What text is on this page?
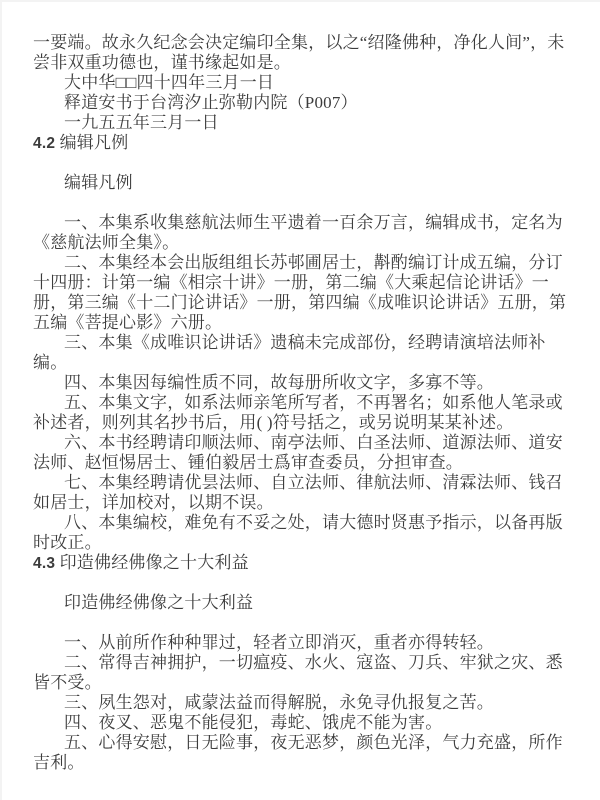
一要端。故永久纪念会决定编印全集，以之“绍隆佛种，净化人间”，未
尝非双重功德也，谨书缘起如是。
大中华□□四十四年三月一日
释道安书于台湾汐止弥勒内院（P007）
一九五五年三月一日
4.2 编辑凡例
编辑凡例
一、本集系收集慈航法师生平遗着一百余万言，编辑成书，定名为
《慈航法师全集》。
二、本集经本会出版组组长苏邨圃居士，斠酌编订计成五编，分订
十四册：计第一编《相宗十讲》一册，第二编《大乘起信论讲话》一
册，第三编《十二门论讲话》一册，第四编《成唯识论讲话》五册，第
五编《菩提心影》六册。
三、本集《成唯识论讲话》遗稿未完成部份，经聘请演培法师补
编。
四、本集因每编性质不同，故每册所收文字，多寡不等。
五、本集文字，如系法师亲笔所写者，不再署名；如系他人笔录或
补述者，则列其名抄书后，用( )符号括之，或另说明某某补述。
六、本书经聘请印顺法师、南亭法师、白圣法师、道源法师、道安
法师、赵恒惕居士、锺伯毅居士爲审查委员，分担审查。
七、本集经聘请优昙法师、自立法师、律航法师、清霖法师、钱召
如居士，详加校对，以期不误。
八、本集编校，难免有不妥之处，请大德时贤惠予指示，以备再版
时改正。
4.3 印造佛经佛像之十大利益
印造佛经佛像之十大利益
一、从前所作种种罪过，轻者立即消灭，重者亦得转轻。
二、常得吉神拥护，一切瘟疫、水火、寇盗、刀兵、牢狱之灾、悉
皆不受。
三、夙生怨对，咸蒙法益而得解脱，永免寻仇报复之苦。
四、夜叉、恶鬼不能侵犯，毒蛇、饿虎不能为害。
五、心得安慰，日无险事，夜无恶梦，颜色光泽，气力充盛，所作
吉利。
